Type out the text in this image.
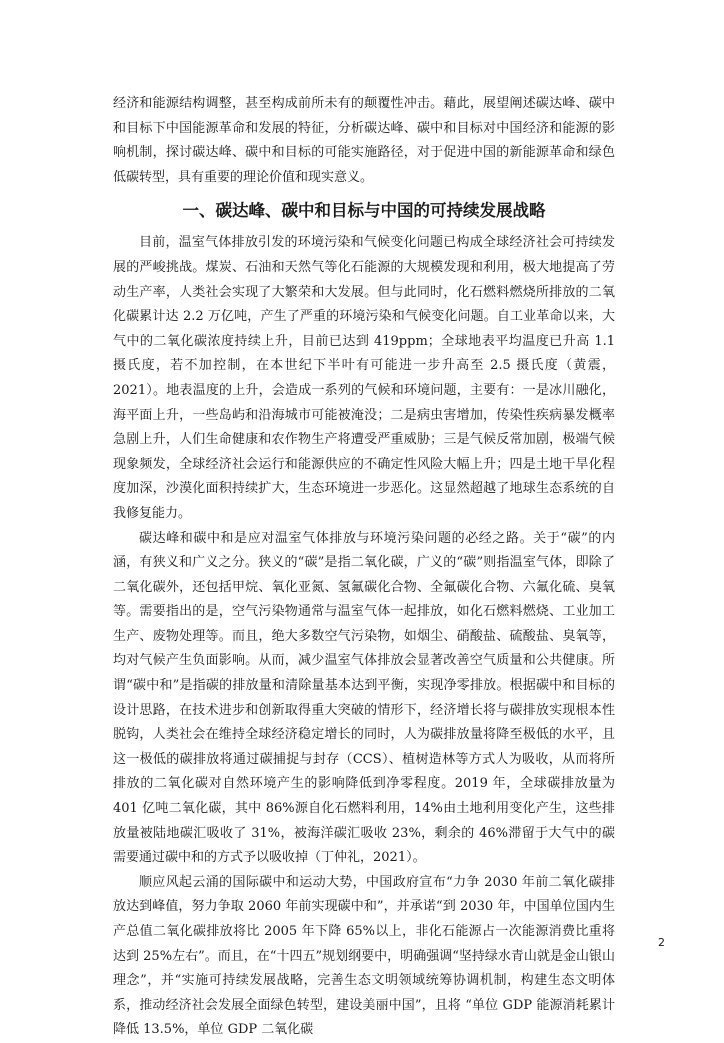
经济和能源结构调整，甚至构成前所未有的颠覆性冲击。藉此，展望阐述碳达峰、碳中和目标下中国能源革命和发展的特征，分析碳达峰、碳中和目标对中国经济和能源的影响机制，探讨碳达峰、碳中和目标的可能实施路径，对于促进中国的新能源革命和绿色低碳转型，具有重要的理论价值和现实意义。

一、碳达峰、碳中和目标与中国的可持续发展战略

目前，温室气体排放引发的环境污染和气候变化问题已构成全球经济社会可持续发展的严峻挑战。煤炭、石油和天然气等化石能源的大规模发现和利用，极大地提高了劳动生产率，人类社会实现了大繁荣和大发展。但与此同时，化石燃料燃烧所排放的二氧化碳累计达 2.2 万亿吨，产生了严重的环境污染和气候变化问题。自工业革命以来，大气中的二氧化碳浓度持续上升，目前已达到 419ppm；全球地表平均温度已升高 1.1 摄氏度，若不加控制，在本世纪下半叶有可能进一步升高至 2.5 摄氏度（黄震，2021）。地表温度的上升，会造成一系列的气候和环境问题，主要有：一是冰川融化，海平面上升，一些岛屿和沿海城市可能被淹没；二是病虫害增加，传染性疾病暴发概率急剧上升，人们生命健康和农作物生产将遭受严重威胁；三是气候反常加剧，极端气候现象频发，全球经济社会运行和能源供应的不确定性风险大幅上升；四是土地干旱化程度加深，沙漠化面积持续扩大，生态环境进一步恶化。这显然超越了地球生态系统的自我修复能力。

碳达峰和碳中和是应对温室气体排放与环境污染问题的必经之路。关于“碳”的内涵，有狭义和广义之分。狭义的“碳”是指二氧化碳，广义的“碳”则指温室气体，即除了二氧化碳外，还包括甲烷、氧化亚氮、氢氟碳化合物、全氟碳化合物、六氟化硫、臭氧等。需要指出的是，空气污染物通常与温室气体一起排放，如化石燃料燃烧、工业加工生产、废物处理等。而且，绝大多数空气污染物，如烟尘、硝酸盐、硫酸盐、臭氧等，均对气候产生负面影响。从而，减少温室气体排放会显著改善空气质量和公共健康。所谓“碳中和”是指碳的排放量和清除量基本达到平衡，实现净零排放。根据碳中和目标的设计思路，在技术进步和创新取得重大突破的情形下，经济增长将与碳排放实现根本性脱钩，人类社会在维持全球经济稳定增长的同时，人为碳排放量将降至极低的水平，且这一极低的碳排放将通过碳捕捉与封存（CCS）、植树造林等方式人为吸收，从而将所排放的二氧化碳对自然环境产生的影响降低到净零程度。2019 年，全球碳排放量为 401 亿吨二氧化碳，其中 86%源自化石燃料利用，14%由土地利用变化产生，这些排放量被陆地碳汇吸收了 31%，被海洋碳汇吸收 23%，剩余的 46%滞留于大气中的碳需要通过碳中和的方式予以吸收掉（丁仲礼，2021）。

顺应风起云涌的国际碳中和运动大势，中国政府宣布“力争 2030 年前二氧化碳排放达到峰值，努力争取 2060 年前实现碳中和”，并承诺“到 2030 年，中国单位国内生产总值二氧化碳排放将比 2005 年下降 65%以上，非化石能源占一次能源消费比重将达到 25%左右”。而且，在“十四五”规划纲要中，明确强调“坚持绿水青山就是金山银山理念”，并“实施可持续发展战略，完善生态文明领域统筹协调机制，构建生态文明体系，推动经济社会发展全面绿色转型，建设美丽中国”，且将 “单位 GDP 能源消耗累计降低 13.5%，单位 GDP 二氧化碳

2
